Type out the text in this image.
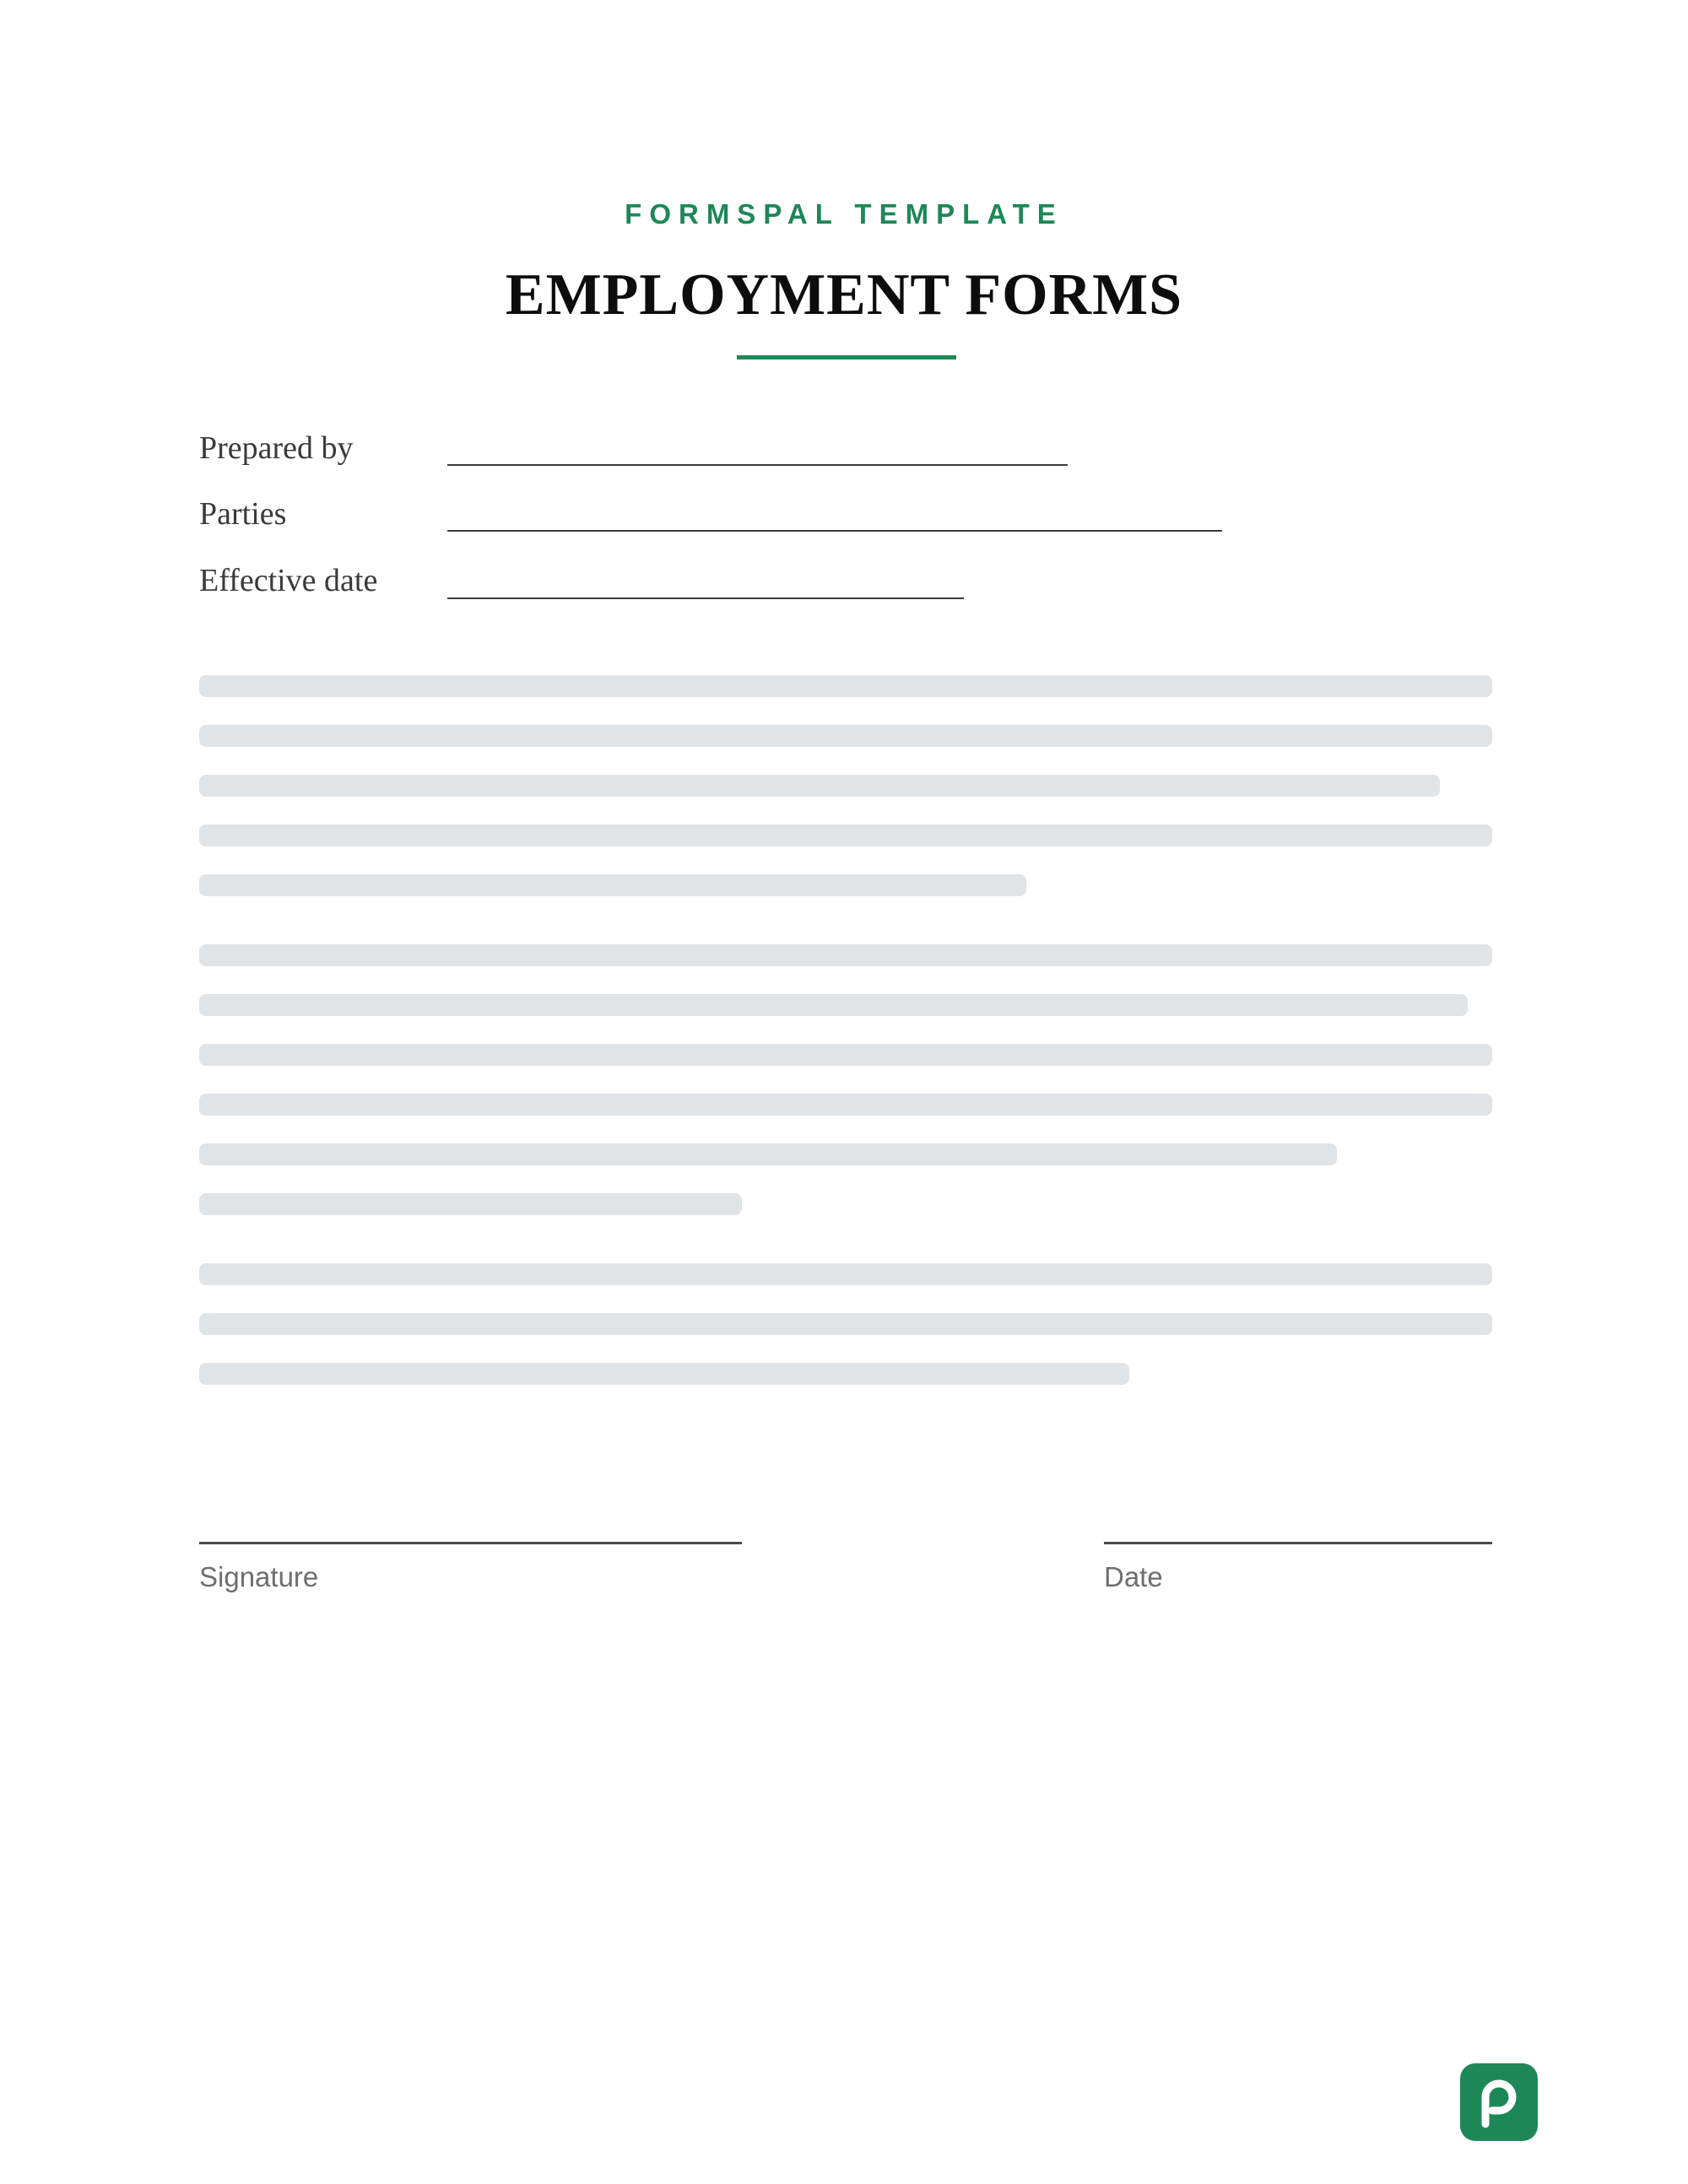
FORMSPAL TEMPLATE
EMPLOYMENT FORMS
Prepared by
Parties
Effective date
Signature	Date
